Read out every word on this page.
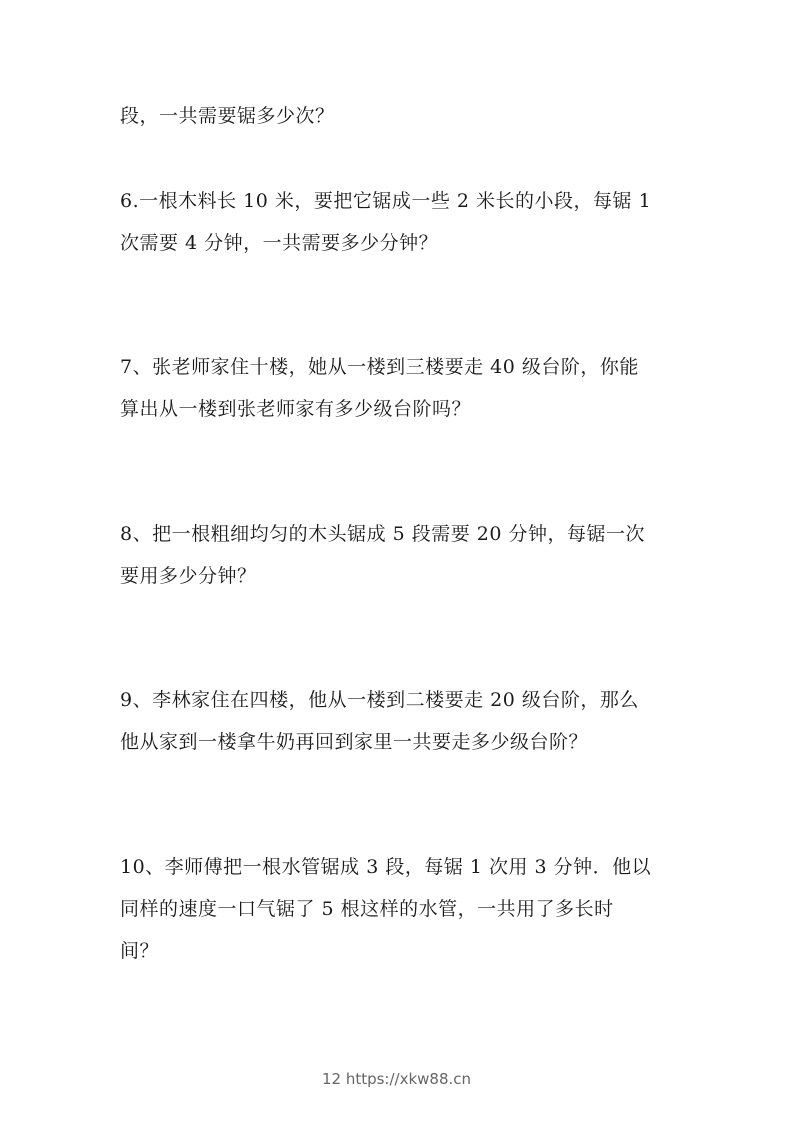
段，一共需要锯多少次？
6.一根木料长 10 米，要把它锯成一些 2 米长的小段，每锯 1
次需要 4 分钟，一共需要多少分钟？
7、张老师家住十楼，她从一楼到三楼要走 40 级台阶，你能
算出从一楼到张老师家有多少级台阶吗？
8、把一根粗细均匀的木头锯成 5 段需要 20 分钟，每锯一次
要用多少分钟？
9、李林家住在四楼，他从一楼到二楼要走 20 级台阶，那么
他从家到一楼拿牛奶再回到家里一共要走多少级台阶？
10、李师傅把一根水管锯成 3 段，每锯 1 次用 3 分钟．他以
同样的速度一口气锯了 5 根这样的水管，一共用了多长时
间？
12 https://xkw88.cn
